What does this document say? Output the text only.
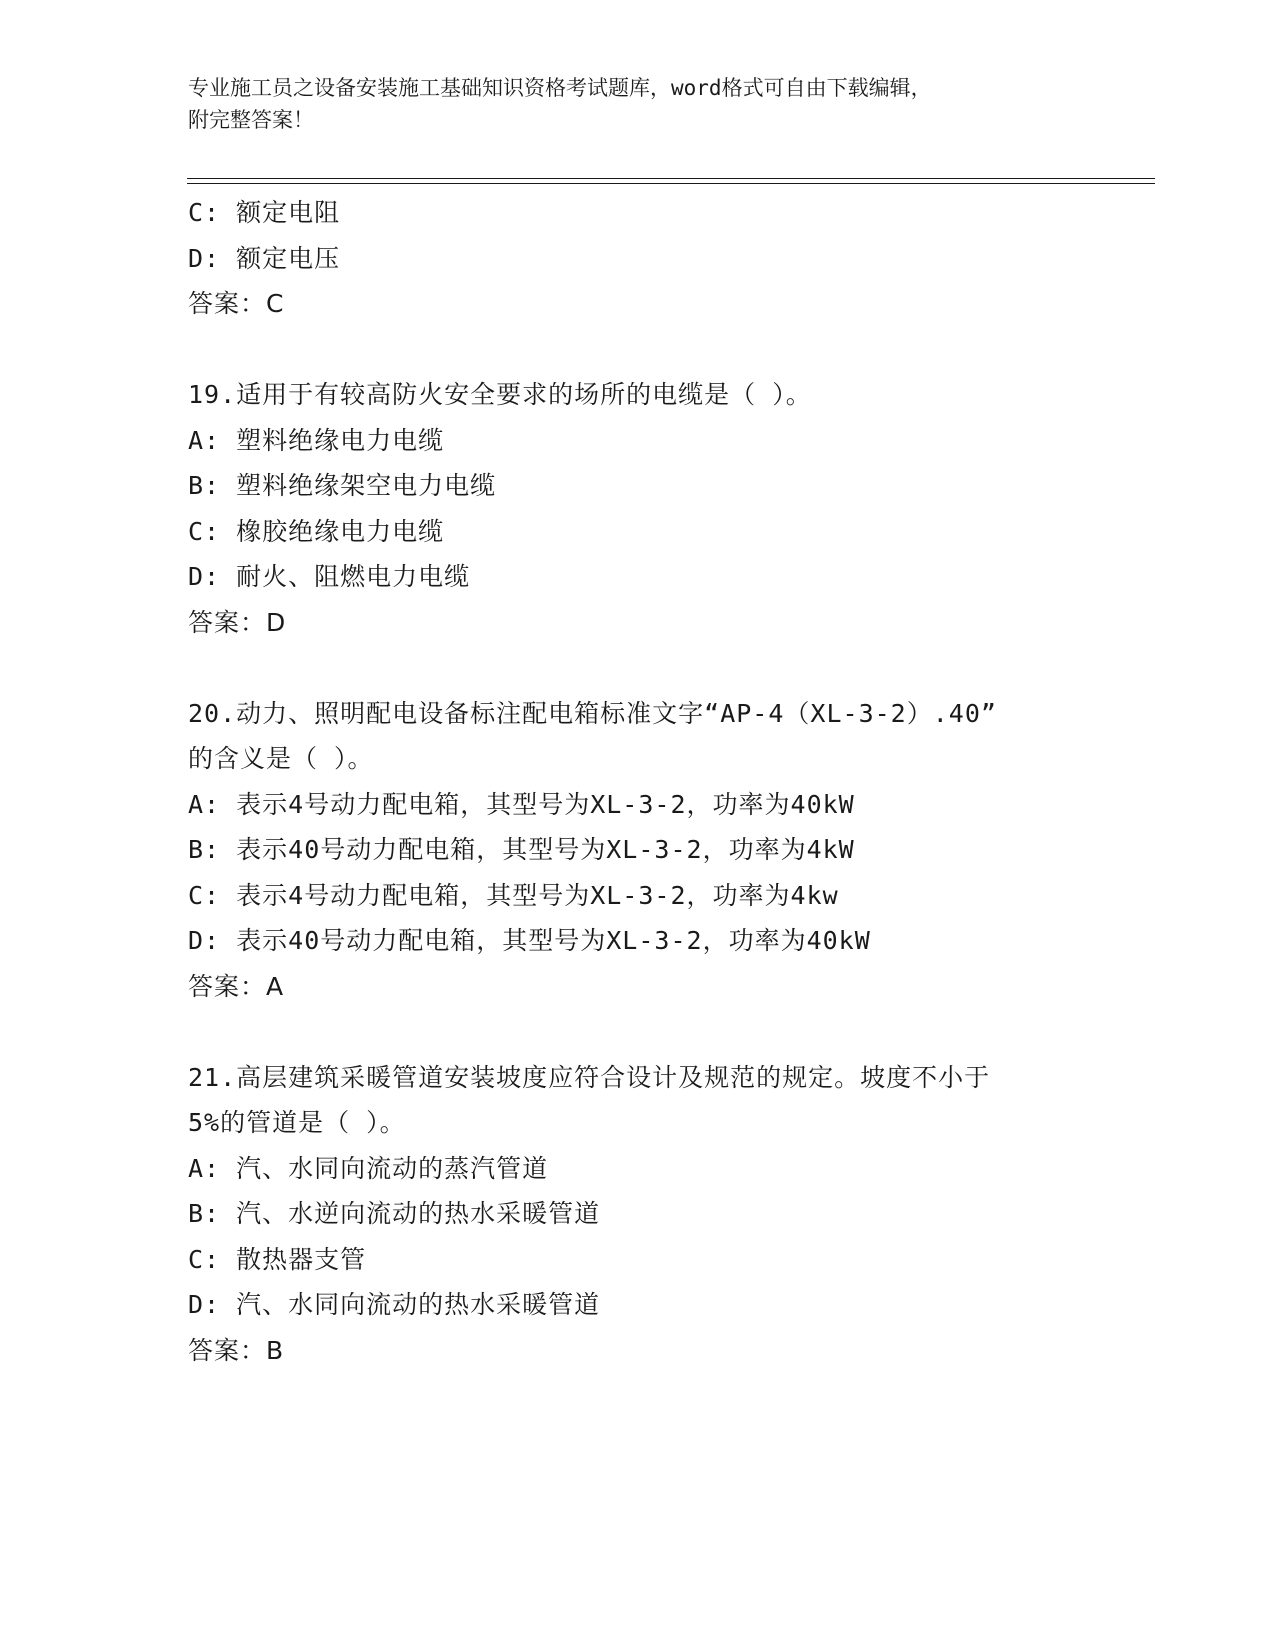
专业施工员之设备安装施工基础知识资格考试题库，word格式可自由下载编辑，
附完整答案！
C: 额定电阻
D: 额定电压
答案：C
19.适用于有较高防火安全要求的场所的电缆是（ ）。
A: 塑料绝缘电力电缆
B: 塑料绝缘架空电力电缆
C: 橡胶绝缘电力电缆
D: 耐火、阻燃电力电缆
答案：D
20.动力、照明配电设备标注配电箱标准文字“AP-4（XL-3-2）.40”
的含义是（ ）。
A: 表示4号动力配电箱，其型号为XL-3-2，功率为40kW
B: 表示40号动力配电箱，其型号为XL-3-2，功率为4kW
C: 表示4号动力配电箱，其型号为XL-3-2，功率为4kw
D: 表示40号动力配电箱，其型号为XL-3-2，功率为40kW
答案：A
21.高层建筑采暖管道安装坡度应符合设计及规范的规定。坡度不小于
5%的管道是（ ）。
A: 汽、水同向流动的蒸汽管道
B: 汽、水逆向流动的热水采暖管道
C: 散热器支管
D: 汽、水同向流动的热水采暖管道
答案：B
